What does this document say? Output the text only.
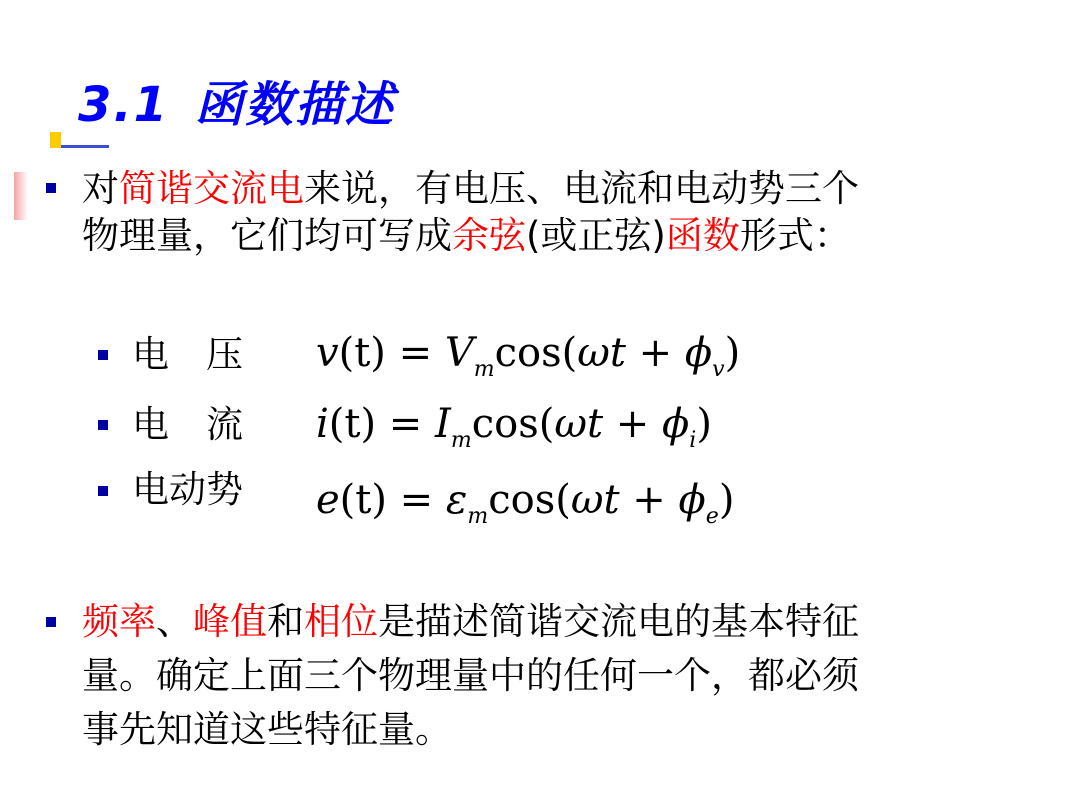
3.1 函数描述
对简谐交流电来说，有电压、电流和电动势三个
物理量，它们均可写成余弦(或正弦)函数形式：
电　压 $v(t) = V_m\cos(\omega t + \phi_v)$
电　流 $i(t) = I_m\cos(\omega t + \phi_i)$
电动势 $e(t) = \varepsilon_m\cos(\omega t + \phi_e)$
频率、峰值和相位是描述简谐交流电的基本特征
量。确定上面三个物理量中的任何一个，都必须
事先知道这些特征量。
